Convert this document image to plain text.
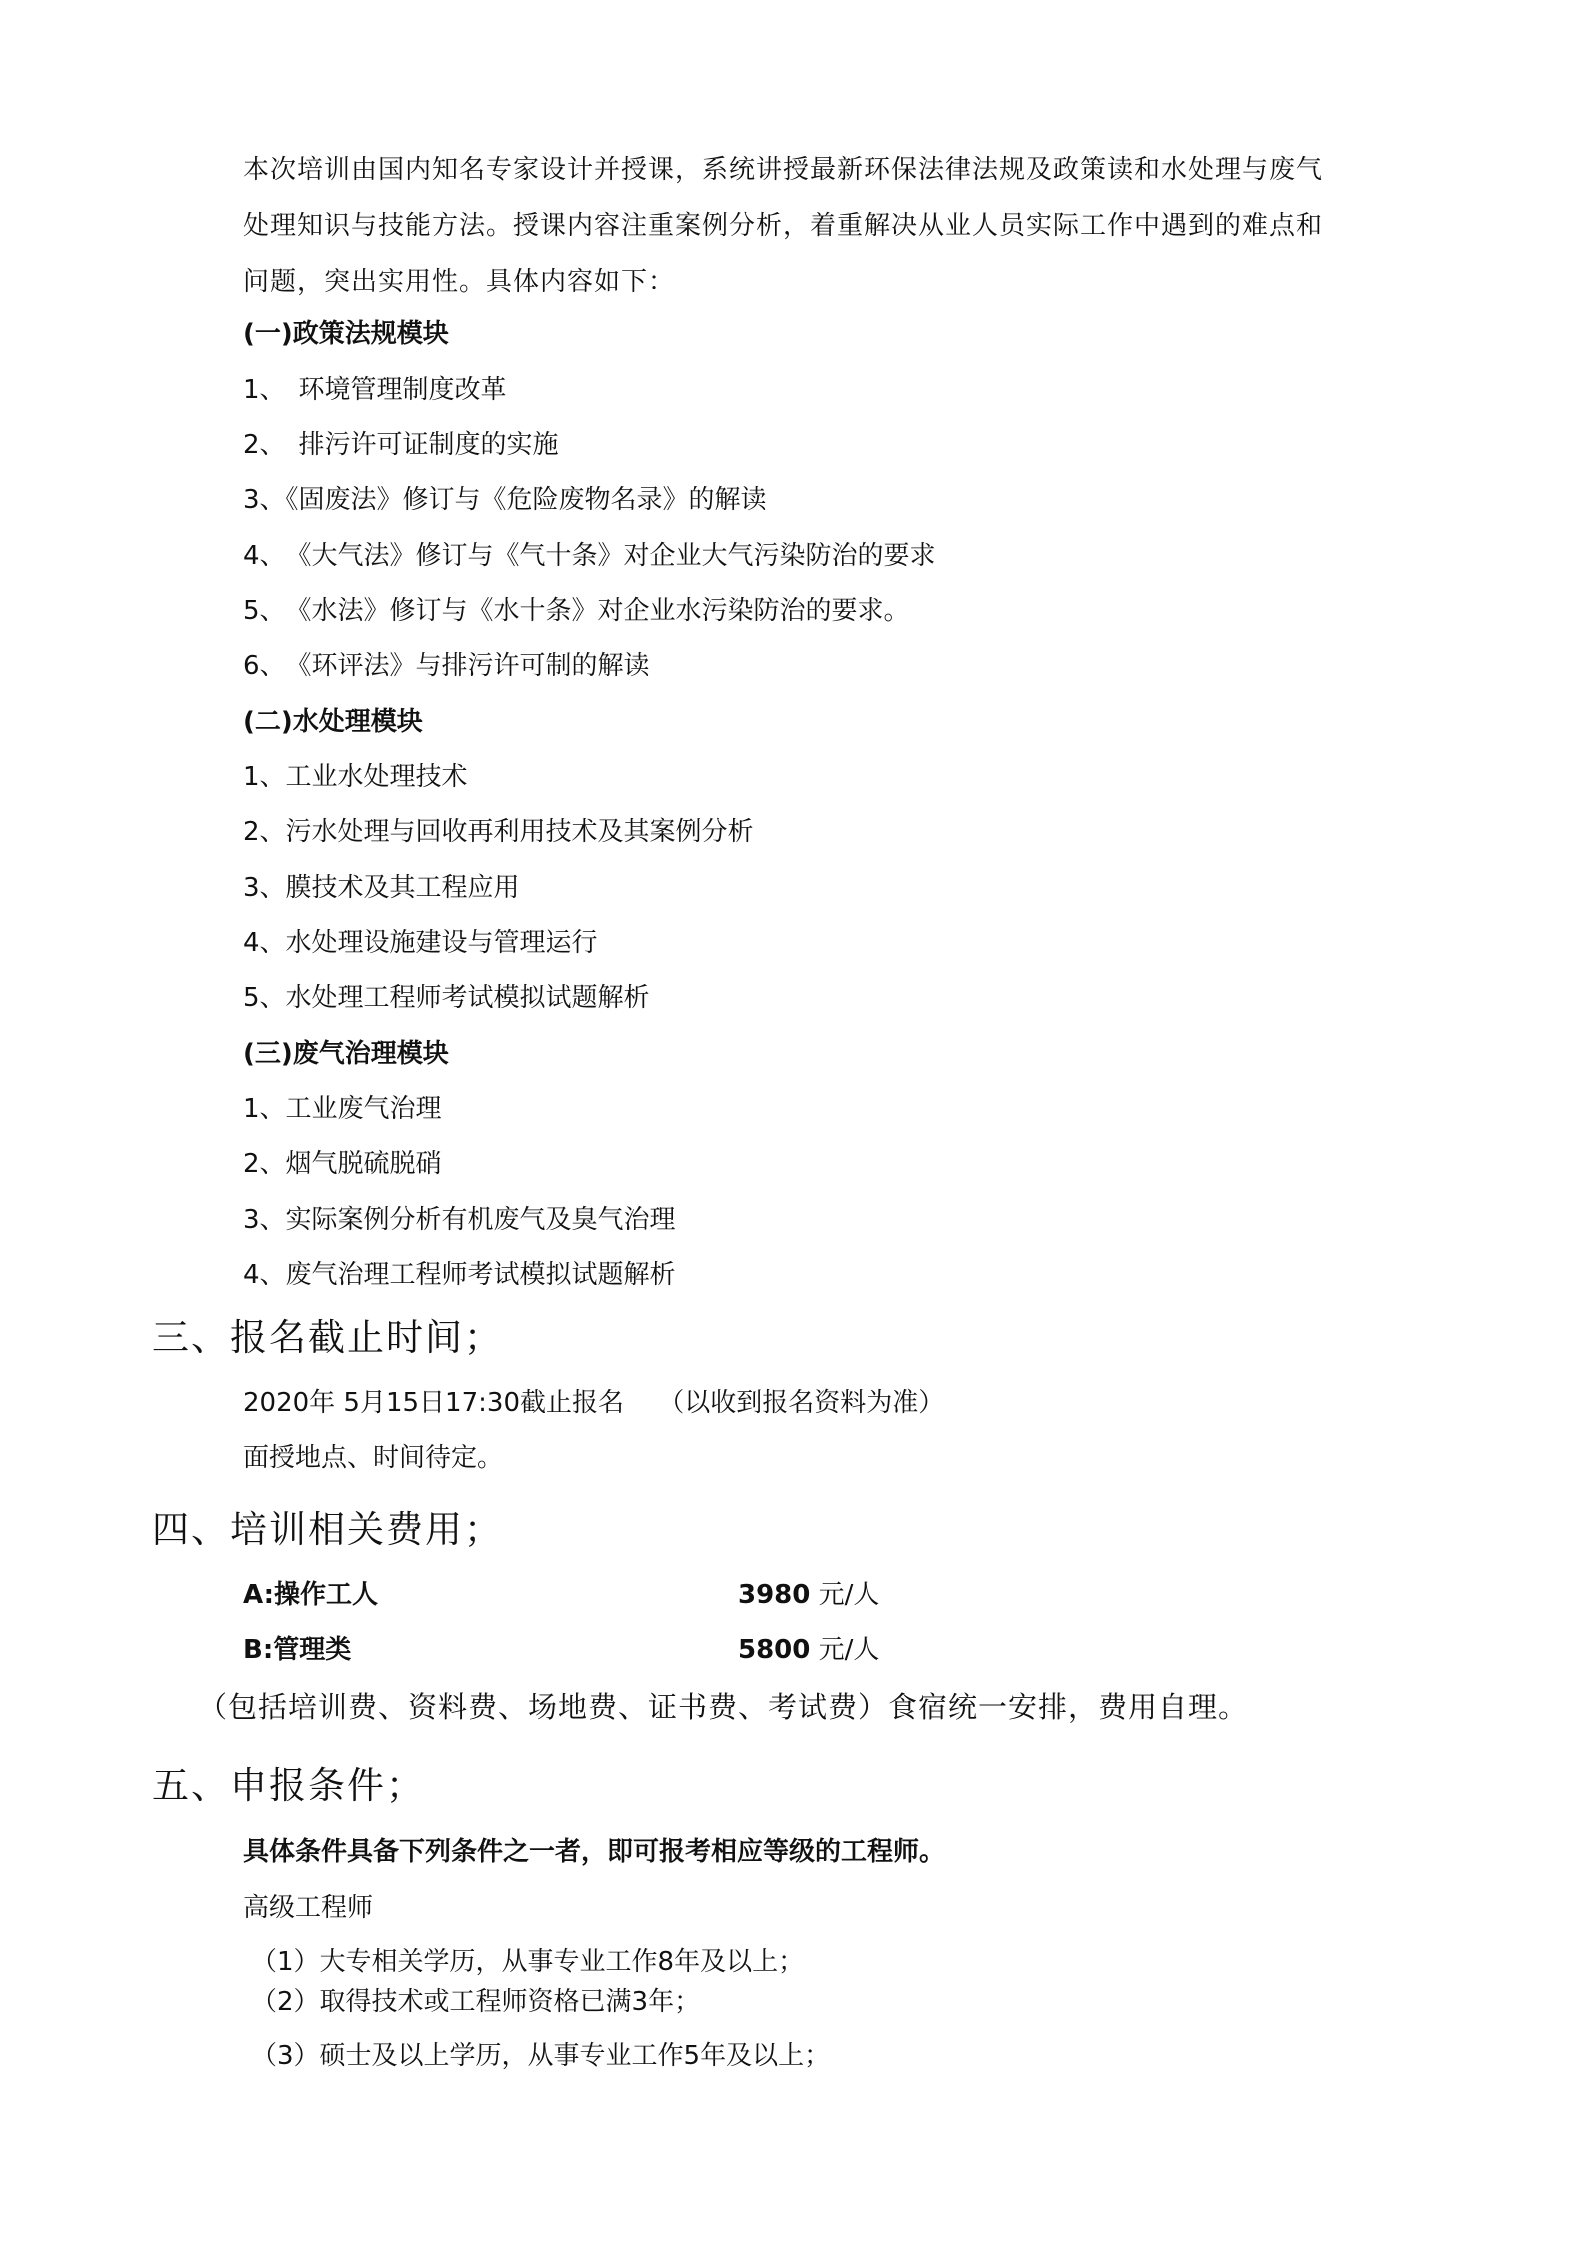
本次培训由国内知名专家设计并授课，系统讲授最新环保法律法规及政策读和水处理与废气处理知识与技能方法。授课内容注重案例分析，着重解决从业人员实际工作中遇到的难点和问题，突出实用性。具体内容如下：

(一)政策法规模块
1、　环境管理制度改革
2、　排污许可证制度的实施
3、《固废法》修订与《危险废物名录》的解读
4、　《大气法》修订与《气十条》对企业大气污染防治的要求
5、　《水法》修订与《水十条》对企业水污染防治的要求。
6、　《环评法》与排污许可制的解读
(二)水处理模块
1、工业水处理技术
2、污水处理与回收再利用技术及其案例分析
3、膜技术及其工程应用
4、水处理设施建设与管理运行
5、水处理工程师考试模拟试题解析
(三)废气治理模块
1、工业废气治理
2、烟气脱硫脱硝
3、实际案例分析有机废气及臭气治理
4、废气治理工程师考试模拟试题解析
三、报名截止时间；
2020年 5月15日17:30截止报名　 （以收到报名资料为准）
面授地点、时间待定。
四、培训相关费用；
A:操作工人	3980 元/人
B:管理类	5800 元/人
（包括培训费、资料费、场地费、证书费、考试费）食宿统一安排，费用自理。
五、申报条件；
具体条件具备下列条件之一者，即可报考相应等级的工程师。
高级工程师
（1）大专相关学历，从事专业工作8年及以上；
（2）取得技术或工程师资格已满3年；
（3）硕士及以上学历，从事专业工作5年及以上；
